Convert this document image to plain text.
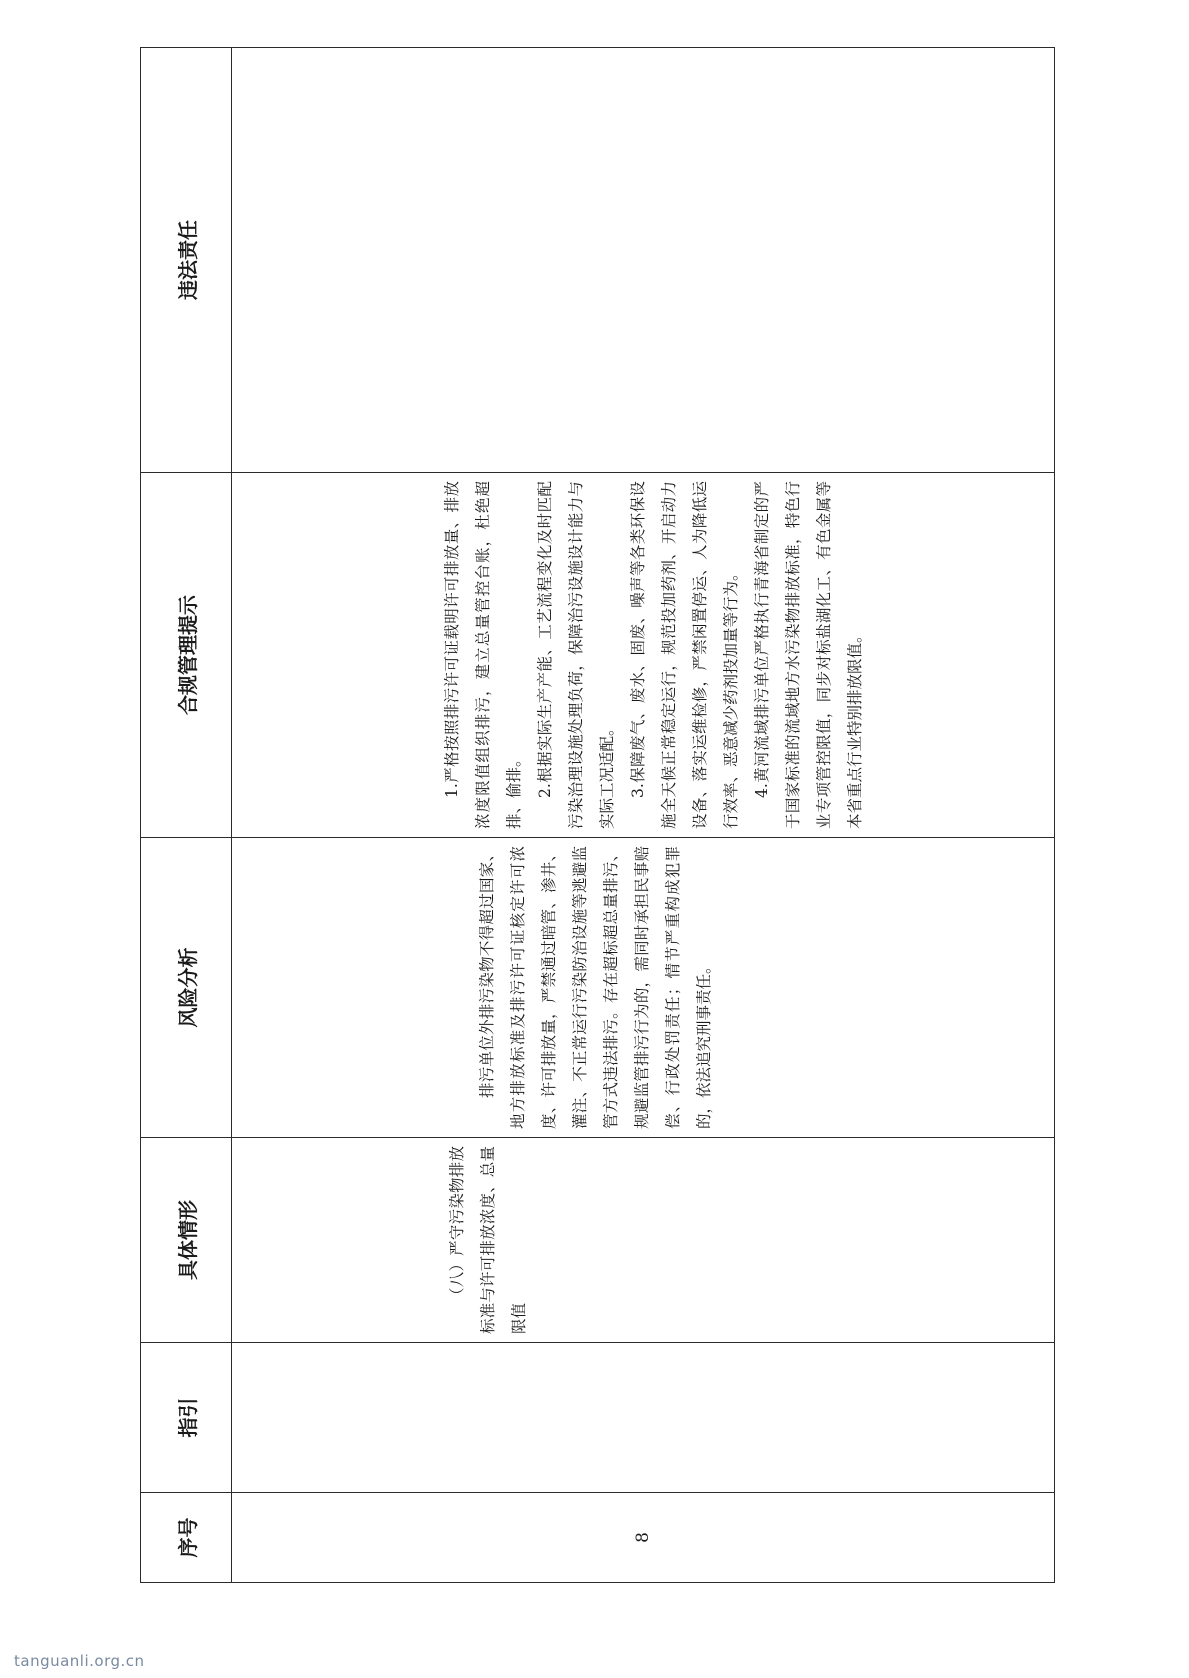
序号	指引	具体情形	风险分析	合规管理提示	违法责任
8		（八）严守污染物排放标准与许可排放浓度、总量限值	排污单位外排污染物不得超过国家、地方排放标准及排污许可证核定许可浓度、许可排放量，严禁通过暗管、渗井、灌注、不正常运行污染防治设施等逃避监管方式违法排污。存在超标超总量排污、规避监管排污行为的，需同时承担民事赔偿、行政处罚责任；情节严重构成犯罪的，依法追究刑事责任。	1.严格按照排污许可证载明许可排放量、排放浓度限值组织排污，建立总量管控台账，杜绝超排、偷排。 2.根据实际生产产能、工艺流程变化及时匹配污染治理设施处理负荷，保障治污设施设计能力与实际工况适配。 3.保障废气、废水、固废、噪声等各类环保设施全天候正常稳定运行，规范投加药剂、开启动力设备、落实运维检修，严禁闲置停运、人为降低运行效率、恶意减少药剂投加量等行为。 4.黄河流域排污单位严格执行青海省制定的严于国家标准的流域地方水污染物排放标准，特色行业专项管控限值，同步对标盐湖化工、有色金属等本省重点行业特别排放限值。	

tanguanli.org.cn
